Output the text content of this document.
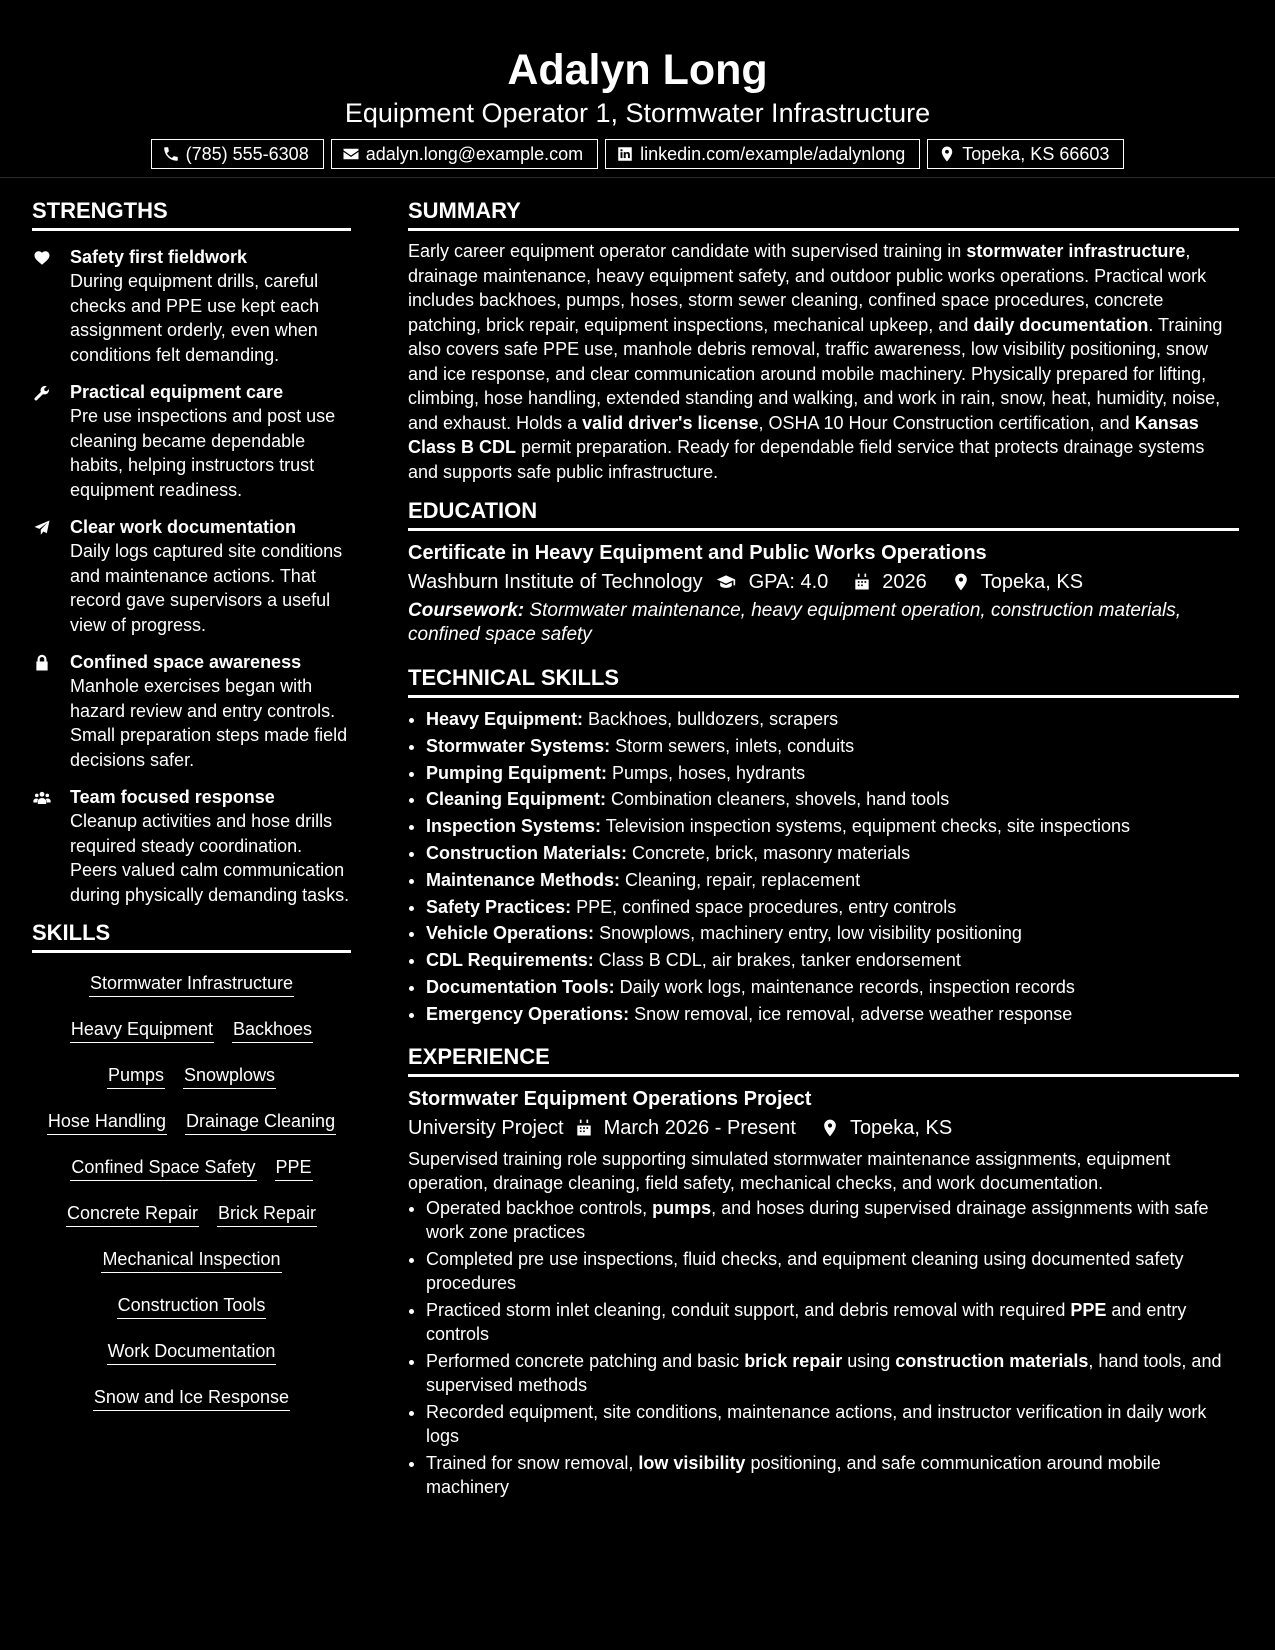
Adalyn Long
Equipment Operator 1, Stormwater Infrastructure
(785) 555-6308	adalyn.long@example.com	linkedin.com/example/adalynlong	Topeka, KS 66603
STRENGTHS
Safety first fieldwork
During equipment drills, careful checks and PPE use kept each assignment orderly, even when conditions felt demanding.
Practical equipment care
Pre use inspections and post use cleaning became dependable habits, helping instructors trust equipment readiness.
Clear work documentation
Daily logs captured site conditions and maintenance actions. That record gave supervisors a useful view of progress.
Confined space awareness
Manhole exercises began with hazard review and entry controls. Small preparation steps made field decisions safer.
Team focused response
Cleanup activities and hose drills required steady coordination. Peers valued calm communication during physically demanding tasks.
SKILLS
Stormwater Infrastructure
Heavy Equipment Backhoes
Pumps Snowplows
Hose Handling Drainage Cleaning
Confined Space Safety PPE
Concrete Repair Brick Repair
Mechanical Inspection
Construction Tools
Work Documentation
Snow and Ice Response
SUMMARY

Early career equipment operator candidate with supervised training in stormwater infrastructure, drainage maintenance, heavy equipment safety, and outdoor public works operations. Practical work includes backhoes, pumps, hoses, storm sewer cleaning, confined space procedures, concrete patching, brick repair, equipment inspections, mechanical upkeep, and daily documentation. Training also covers safe PPE use, manhole debris removal, traffic awareness, low visibility positioning, snow and ice response, and clear communication around mobile machinery. Physically prepared for lifting, climbing, hose handling, extended standing and walking, and work in rain, snow, heat, humidity, noise, and exhaust. Holds a valid driver's license, OSHA 10 Hour Construction certification, and Kansas Class B CDL permit preparation. Ready for dependable field service that protects drainage systems and supports safe public infrastructure.

EDUCATION
Certificate in Heavy Equipment and Public Works Operations
Washburn Institute of Technology GPA: 4.0	2026	Topeka, KS
Coursework: Stormwater maintenance, heavy equipment operation, construction materials, confined space safety
TECHNICAL SKILLS
• Heavy Equipment: Backhoes, bulldozers, scrapers
• Stormwater Systems: Storm sewers, inlets, conduits
• Pumping Equipment: Pumps, hoses, hydrants
• Cleaning Equipment: Combination cleaners, shovels, hand tools
• Inspection Systems: Television inspection systems, equipment checks, site inspections
• Construction Materials: Concrete, brick, masonry materials
• Maintenance Methods: Cleaning, repair, replacement
• Safety Practices: PPE, confined space procedures, entry controls
• Vehicle Operations: Snowplows, machinery entry, low visibility positioning
• CDL Requirements: Class B CDL, air brakes, tanker endorsement
• Documentation Tools: Daily work logs, maintenance records, inspection records
• Emergency Operations: Snow removal, ice removal, adverse weather response
EXPERIENCE
Stormwater Equipment Operations Project
University Project March 2026 - Present	Topeka, KS

Supervised training role supporting simulated stormwater maintenance assignments, equipment operation, drainage cleaning, field safety, mechanical checks, and work documentation.

• Operated backhoe controls, pumps, and hoses during supervised drainage assignments with safe work zone practices
• Completed pre use inspections, fluid checks, and equipment cleaning using documented safety procedures
• Practiced storm inlet cleaning, conduit support, and debris removal with required PPE and entry controls
• Performed concrete patching and basic brick repair using construction materials, hand tools, and supervised methods
• Recorded equipment, site conditions, maintenance actions, and instructor verification in daily work logs
• Trained for snow removal, low visibility positioning, and safe communication around mobile machinery
